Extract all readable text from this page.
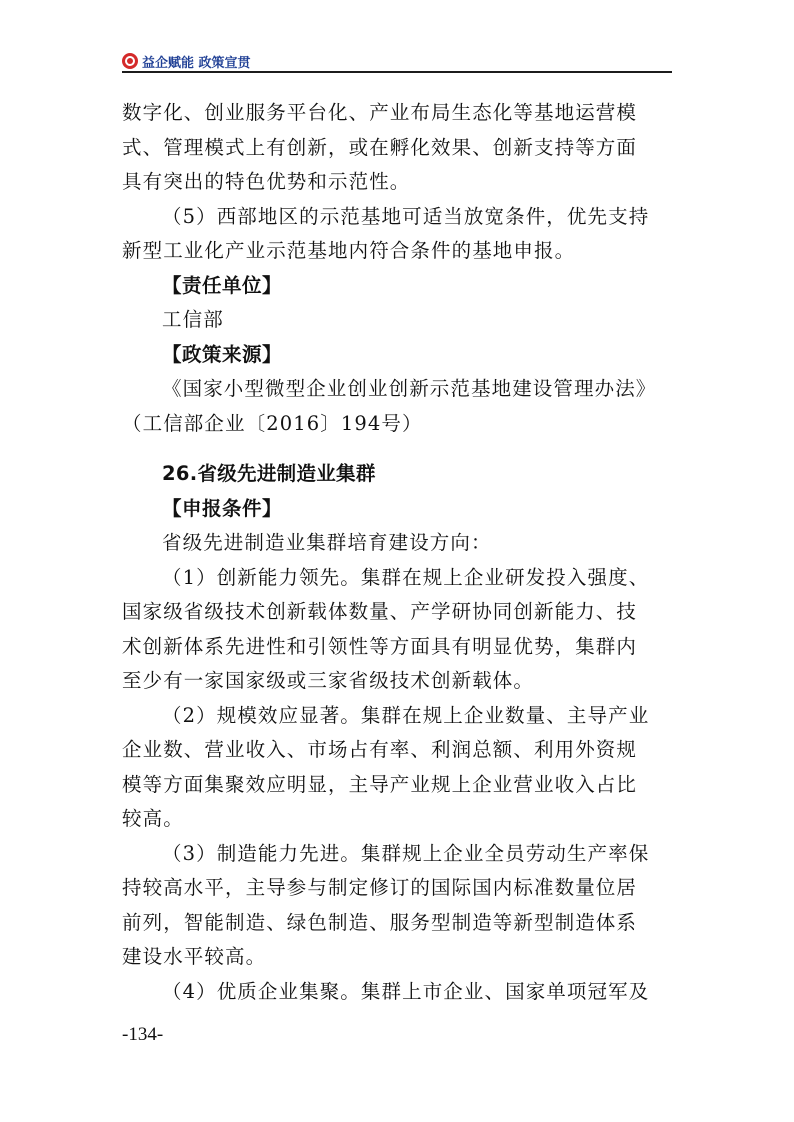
益企赋能 政策宣贯
数字化、创业服务平台化、产业布局生态化等基地运营模
式、管理模式上有创新，或在孵化效果、创新支持等方面
具有突出的特色优势和示范性。
（5）西部地区的示范基地可适当放宽条件，优先支持
新型工业化产业示范基地内符合条件的基地申报。
【责任单位】
工信部
【政策来源】
《国家小型微型企业创业创新示范基地建设管理办法》
（工信部企业〔2016〕194号）
26.省级先进制造业集群
【申报条件】
省级先进制造业集群培育建设方向：
（1）创新能力领先。集群在规上企业研发投入强度、
国家级省级技术创新载体数量、产学研协同创新能力、技
术创新体系先进性和引领性等方面具有明显优势，集群内
至少有一家国家级或三家省级技术创新载体。
（2）规模效应显著。集群在规上企业数量、主导产业
企业数、营业收入、市场占有率、利润总额、利用外资规
模等方面集聚效应明显，主导产业规上企业营业收入占比
较高。
（3）制造能力先进。集群规上企业全员劳动生产率保
持较高水平，主导参与制定修订的国际国内标准数量位居
前列，智能制造、绿色制造、服务型制造等新型制造体系
建设水平较高。
（4）优质企业集聚。集群上市企业、国家单项冠军及
-134-
